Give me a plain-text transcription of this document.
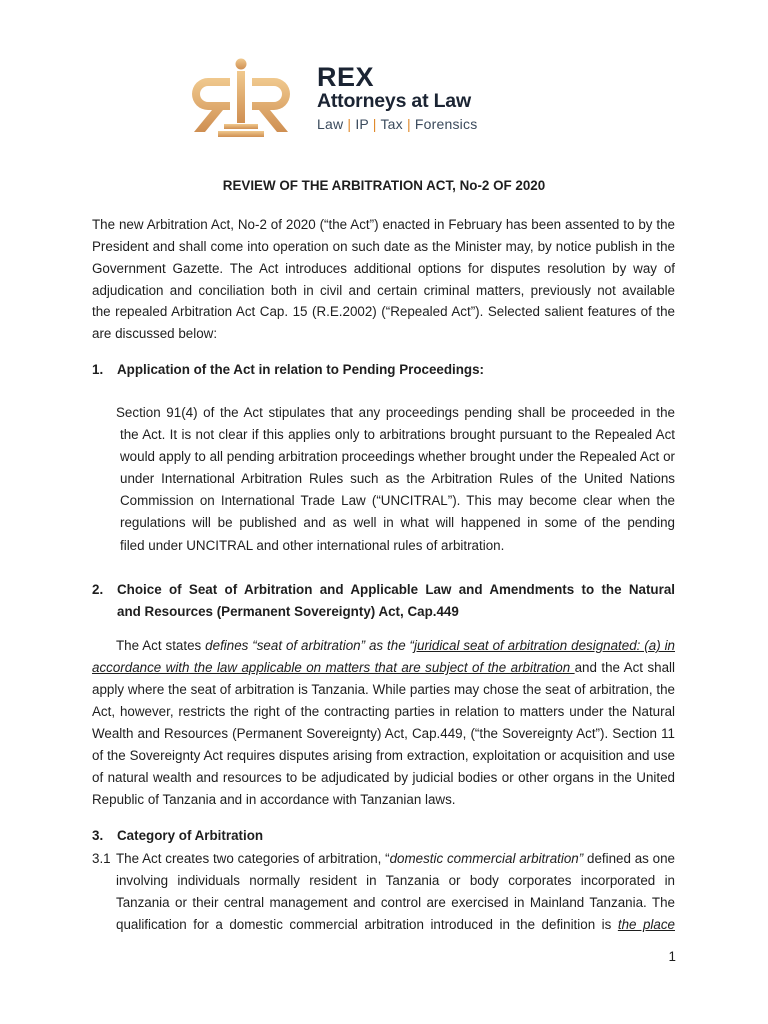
REX
Attorneys at Law
Law | IP | Tax | Forensics
REVIEW OF THE ARBITRATION ACT, No-2 OF 2020
The new Arbitration Act, No-2 of 2020 (“the Act”) enacted in February has been assented to by the
President and shall come into operation on such date as the Minister may, by notice publish in the
Government Gazette. The Act introduces additional options for disputes resolution by way of
adjudication and conciliation both in civil and certain criminal matters, previously not available
the repealed Arbitration Act Cap. 15 (R.E.2002) (“Repealed Act”). Selected salient features of the
are discussed below:
1. Application of the Act in relation to Pending Proceedings:
Section 91(4) of the Act stipulates that any proceedings pending shall be proceeded in the
the Act. It is not clear if this applies only to arbitrations brought pursuant to the Repealed Act
would apply to all pending arbitration proceedings whether brought under the Repealed Act or
under International Arbitration Rules such as the Arbitration Rules of the United Nations
Commission on International Trade Law (“UNCITRAL”). This may become clear when the
regulations will be published and as well in what will happened in some of the pending
filed under UNCITRAL and other international rules of arbitration.
2. Choice of Seat of Arbitration and Applicable Law and Amendments to the Natural
and Resources (Permanent Sovereignty) Act, Cap.449
The Act states defines “seat of arbitration” as the “juridical seat of arbitration designated: (a) in
accordance with the law applicable on matters that are subject of the arbitration and the Act shall
apply where the seat of arbitration is Tanzania. While parties may chose the seat of arbitration, the
Act, however, restricts the right of the contracting parties in relation to matters under the Natural
Wealth and Resources (Permanent Sovereignty) Act, Cap.449, (“the Sovereignty Act”). Section 11
of the Sovereignty Act requires disputes arising from extraction, exploitation or acquisition and use
of natural wealth and resources to be adjudicated by judicial bodies or other organs in the United
Republic of Tanzania and in accordance with Tanzanian laws.
3. Category of Arbitration
3.1 The Act creates two categories of arbitration, “domestic commercial arbitration” defined as one
involving individuals normally resident in Tanzania or body corporates incorporated in
Tanzania or their central management and control are exercised in Mainland Tanzania. The
qualification for a domestic commercial arbitration introduced in the definition is the place
1
